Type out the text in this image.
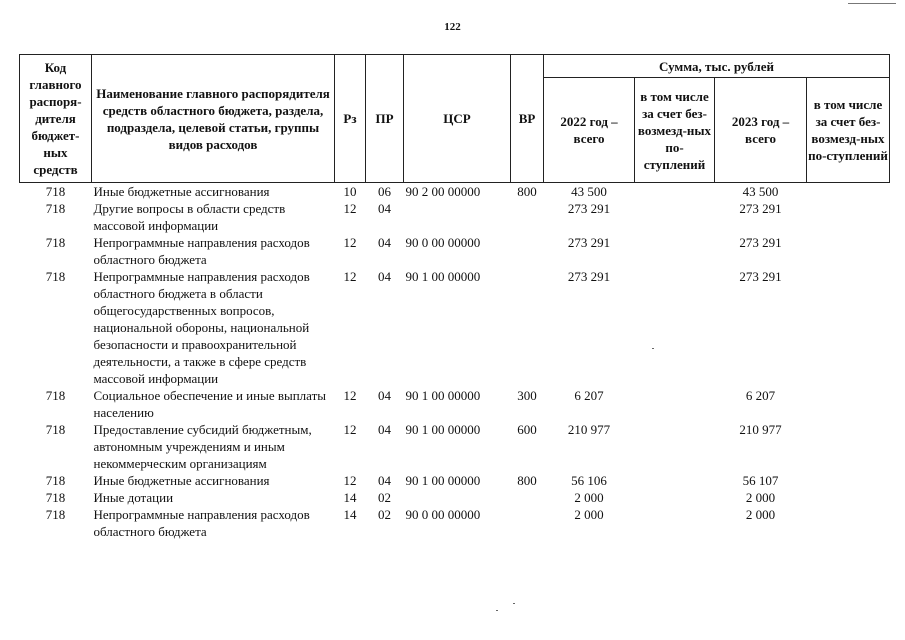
122
Код главного распоря-дителя бюджет-ных средств	Наименование главного распорядителя средств областного бюджета, раздела, подраздела, целевой статьи, группы видов расходов	Рз	ПР	ЦСР	ВР	Сумма, тыс. рублей			
						2022 год – всего	в том числе за счет без-возмезд-ных по-ступлений	2023 год – всего	в том числе за счет без-возмезд-ных по-ступлений
718	Иные бюджетные ассигнования	10	06	90 2 00 00000	800	43 500		43 500	
718	Другие вопросы в области средств массовой информации	12	04			273 291		273 291	
718	Непрограммные направления расходов областного бюджета	12	04	90 0 00 00000		273 291		273 291	
718	Непрограммные направления расходов областного бюджета в области общегосударственных вопросов, национальной обороны, национальной безопасности и правоохранительной деятельности, а также в сфере средств массовой информации	12	04	90 1 00 00000		273 291		273 291	
718	Социальное обеспечение и иные выплаты населению	12	04	90 1 00 00000	300	6 207		6 207	
718	Предоставление субсидий бюджетным, автономным учреждениям и иным некоммерческим организациям	12	04	90 1 00 00000	600	210 977		210 977	
718	Иные бюджетные ассигнования	12	04	90 1 00 00000	800	56 106		56 107	
718	Иные дотации	14	02			2 000		2 000	
718	Непрограммные направления расходов областного бюджета	14	02	90 0 00 00000		2 000		2 000	
